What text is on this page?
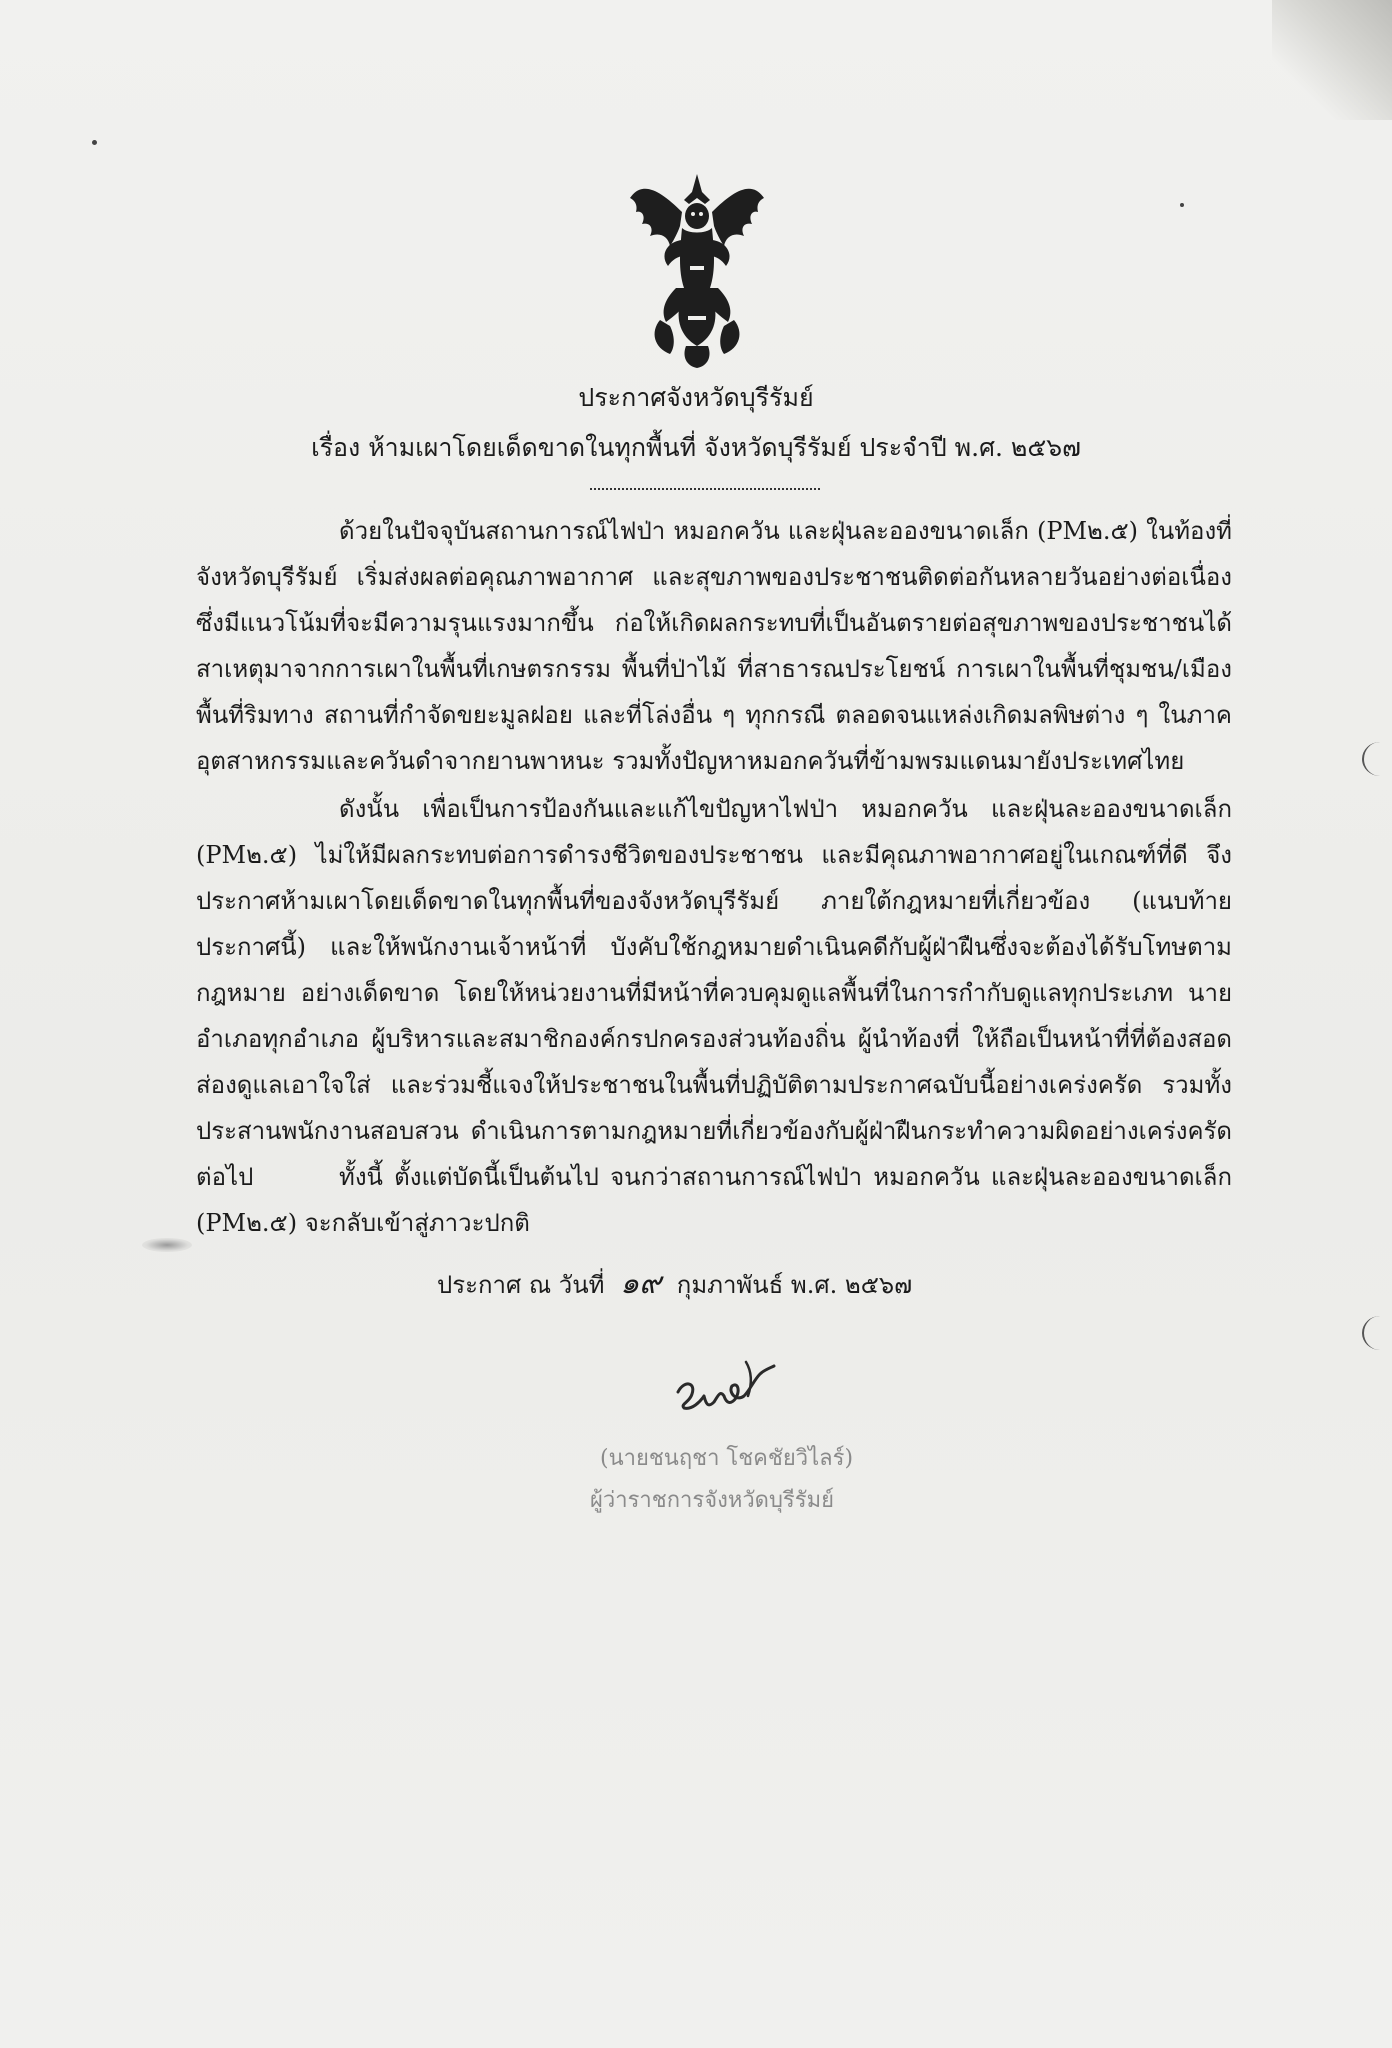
ประกาศจังหวัดบุรีรัมย์
เรื่อง ห้ามเผาโดยเด็ดขาดในทุกพื้นที่ จังหวัดบุรีรัมย์ ประจำปี พ.ศ. ๒๕๖๗

ด้วยในปัจจุบันสถานการณ์ไฟป่า หมอกควัน และฝุ่นละอองขนาดเล็ก (PM๒.๕) ในท้องที่จังหวัดบุรีรัมย์ เริ่มส่งผลต่อคุณภาพอากาศ และสุขภาพของประชาชนติดต่อกันหลายวันอย่างต่อเนื่อง ซึ่งมีแนวโน้มที่จะมีความรุนแรงมากขึ้น ก่อให้เกิดผลกระทบที่เป็นอันตรายต่อสุขภาพของประชาชนได้ สาเหตุมาจากการเผาในพื้นที่เกษตรกรรม พื้นที่ป่าไม้ ที่สาธารณประโยชน์ การเผาในพื้นที่ชุมชน/เมือง พื้นที่ริมทาง สถานที่กำจัดขยะมูลฝอย และที่โล่งอื่น ๆ ทุกกรณี ตลอดจนแหล่งเกิดมลพิษต่าง ๆ ในภาคอุตสาหกรรมและควันดำจากยานพาหนะ รวมทั้งปัญหาหมอกควันที่ข้ามพรมแดนมายังประเทศไทย

ดังนั้น เพื่อเป็นการป้องกันและแก้ไขปัญหาไฟป่า หมอกควัน และฝุ่นละอองขนาดเล็ก (PM๒.๕) ไม่ให้มีผลกระทบต่อการดำรงชีวิตของประชาชน และมีคุณภาพอากาศอยู่ในเกณฑ์ที่ดี จึงประกาศห้ามเผาโดยเด็ดขาดในทุกพื้นที่ของจังหวัดบุรีรัมย์ ภายใต้กฎหมายที่เกี่ยวข้อง (แนบท้ายประกาศนี้) และให้พนักงานเจ้าหน้าที่ บังคับใช้กฎหมายดำเนินคดีกับผู้ฝ่าฝืนซึ่งจะต้องได้รับโทษตามกฎหมาย อย่างเด็ดขาด โดยให้หน่วยงานที่มีหน้าที่ควบคุมดูแลพื้นที่ในการกำกับดูแลทุกประเภท นายอำเภอทุกอำเภอ ผู้บริหารและสมาชิกองค์กรปกครองส่วนท้องถิ่น ผู้นำท้องที่ ให้ถือเป็นหน้าที่ที่ต้องสอดส่องดูแลเอาใจใส่ และร่วมชี้แจงให้ประชาชนในพื้นที่ปฏิบัติตามประกาศฉบับนี้อย่างเคร่งครัด รวมทั้งประสานพนักงานสอบสวน ดำเนินการตามกฎหมายที่เกี่ยวข้องกับผู้ฝ่าฝืนกระทำความผิดอย่างเคร่งครัดต่อไป	ทั้งนี้ ตั้งแต่บัดนี้เป็นต้นไป จนกว่าสถานการณ์ไฟป่า หมอกควัน และฝุ่นละอองขนาดเล็ก (PM๒.๕) จะกลับเข้าสู่ภาวะปกติ

ประกาศ ณ วันที่ ๑๙ กุมภาพันธ์ พ.ศ. ๒๕๖๗
(นายชนฤชา โชคชัยวิไลร์)
ผู้ว่าราชการจังหวัดบุรีรัมย์
